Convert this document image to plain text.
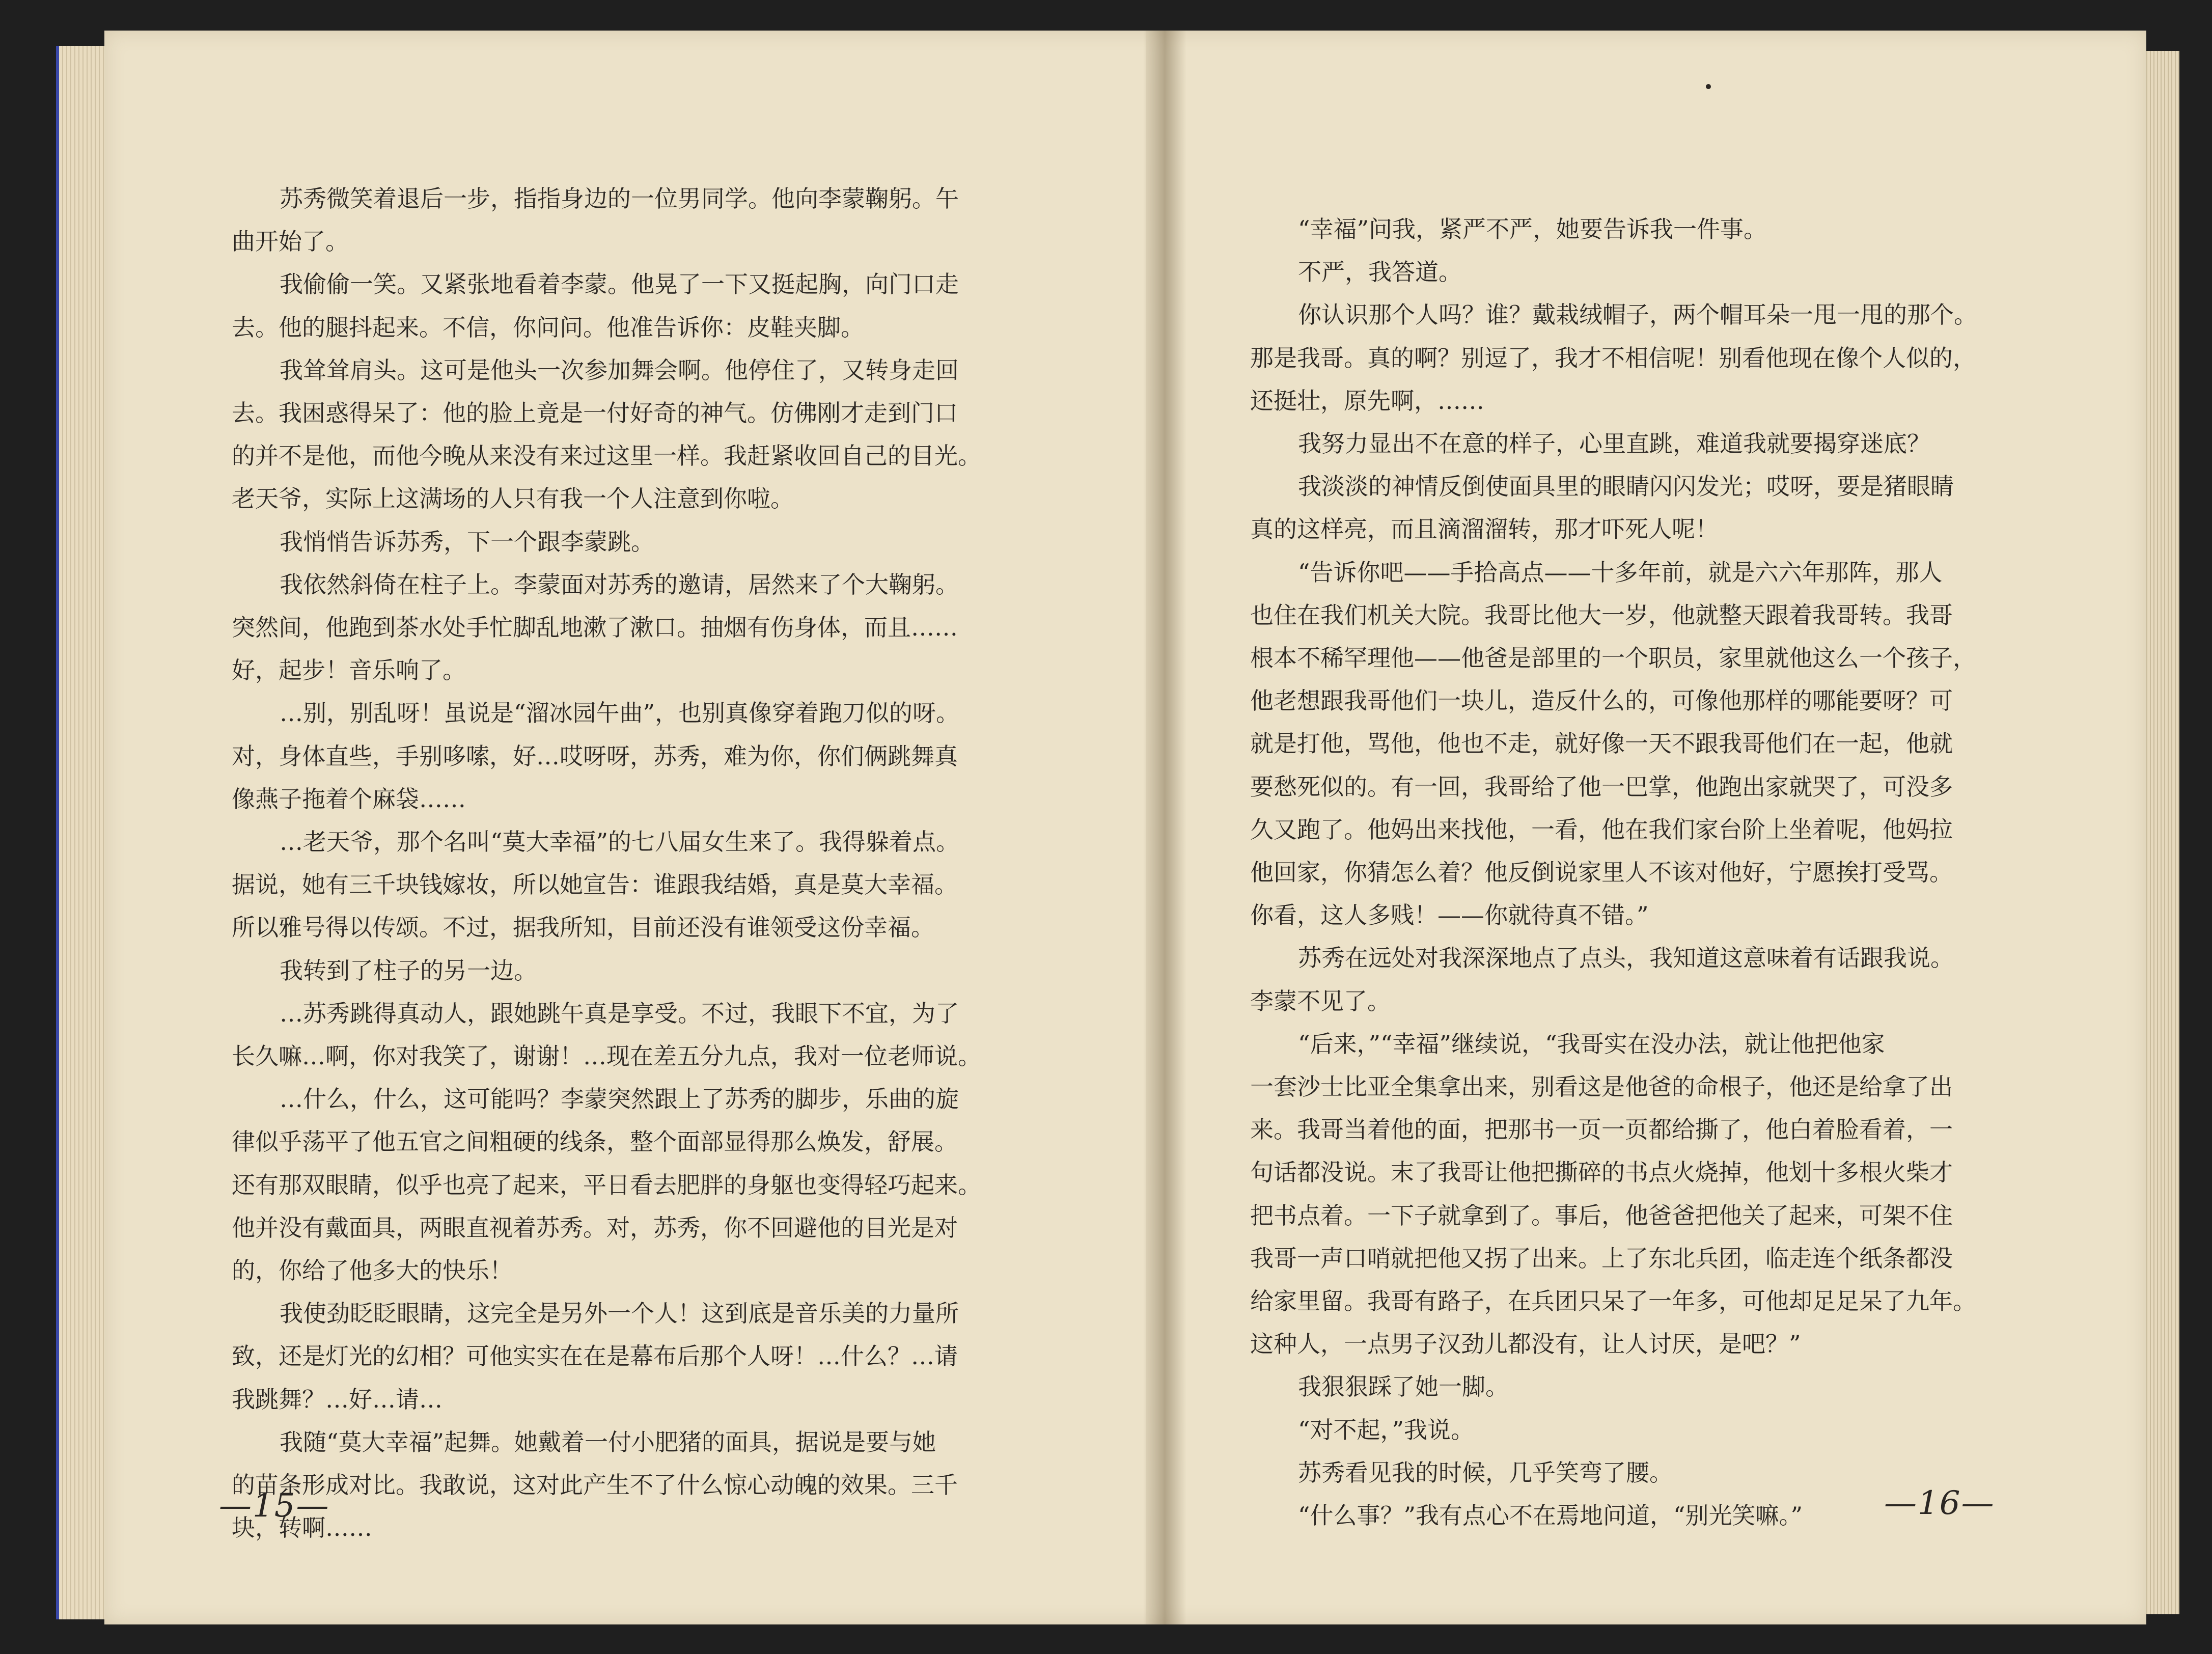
苏秀微笑着退后一步，指指身边的一位男同学。他向李蒙鞠躬。午

曲开始了。

我偷偷一笑。又紧张地看着李蒙。他晃了一下又挺起胸，向门口走

去。他的腿抖起来。不信，你问问。他准告诉你：皮鞋夹脚。

我耸耸肩头。这可是他头一次参加舞会啊。他停住了，又转身走回

去。我困惑得呆了：他的脸上竟是一付好奇的神气。仿佛刚才走到门口

的并不是他，而他今晚从来没有来过这里一样。我赶紧收回自己的目光。

老天爷，实际上这满场的人只有我一个人注意到你啦。

我悄悄告诉苏秀，下一个跟李蒙跳。

我依然斜倚在柱子上。李蒙面对苏秀的邀请，居然来了个大鞠躬。

突然间，他跑到茶水处手忙脚乱地漱了漱口。抽烟有伤身体，而且……

好，起步！音乐响了。

…别，别乱呀！虽说是“溜冰园午曲”，也别真像穿着跑刀似的呀。

对，身体直些，手别哆嗦，好…哎呀呀，苏秀，难为你，你们俩跳舞真

像燕子拖着个麻袋……

…老天爷，那个名叫“莫大幸福”的七八届女生来了。我得躲着点。

据说，她有三千块钱嫁妆，所以她宣告：谁跟我结婚，真是莫大幸福。

所以雅号得以传颂。不过，据我所知，目前还没有谁领受这份幸福。

我转到了柱子的另一边。

…苏秀跳得真动人，跟她跳午真是享受。不过，我眼下不宜，为了

长久嘛…啊，你对我笑了，谢谢！…现在差五分九点，我对一位老师说。

…什么，什么，这可能吗？李蒙突然跟上了苏秀的脚步，乐曲的旋

律似乎荡平了他五官之间粗硬的线条，整个面部显得那么焕发，舒展。

还有那双眼睛，似乎也亮了起来，平日看去肥胖的身躯也变得轻巧起来。

他并没有戴面具，两眼直视着苏秀。对，苏秀，你不回避他的目光是对

的，你给了他多大的快乐！

我使劲眨眨眼睛，这完全是另外一个人！这到底是音乐美的力量所

致，还是灯光的幻相？可他实实在在是幕布后那个人呀！…什么？…请

我跳舞？…好…请…

我随“莫大幸福”起舞。她戴着一付小肥猪的面具，据说是要与她

的苗条形成对比。我敢说，这对此产生不了什么惊心动魄的效果。三千

块，转啊……

“幸福”问我，紧严不严，她要告诉我一件事。

不严，我答道。

你认识那个人吗？谁？戴栽绒帽子，两个帽耳朵一甩一甩的那个。

那是我哥。真的啊？别逗了，我才不相信呢！别看他现在像个人似的，

还挺壮，原先啊，……

我努力显出不在意的样子，心里直跳，难道我就要揭穿迷底？

我淡淡的神情反倒使面具里的眼睛闪闪发光；哎呀，要是猪眼睛

真的这样亮，而且滴溜溜转，那才吓死人呢！

“告诉你吧——手拾高点——十多年前，就是六六年那阵，那人

也住在我们机关大院。我哥比他大一岁，他就整天跟着我哥转。我哥

根本不稀罕理他——他爸是部里的一个职员，家里就他这么一个孩子，

他老想跟我哥他们一块儿，造反什么的，可像他那样的哪能要呀？可

就是打他，骂他，他也不走，就好像一天不跟我哥他们在一起，他就

要愁死似的。有一回，我哥给了他一巴掌，他跑出家就哭了，可没多

久又跑了。他妈出来找他，一看，他在我们家台阶上坐着呢，他妈拉

他回家，你猜怎么着？他反倒说家里人不该对他好，宁愿挨打受骂。

你看，这人多贱！——你就待真不错。”

苏秀在远处对我深深地点了点头，我知道这意味着有话跟我说。

李蒙不见了。

“后来，”“幸福”继续说，“我哥实在没办法，就让他把他家

一套沙士比亚全集拿出来，别看这是他爸的命根子，他还是给拿了出

来。我哥当着他的面，把那书一页一页都给撕了，他白着脸看着，一

句话都没说。末了我哥让他把撕碎的书点火烧掉，他划十多根火柴才

把书点着。一下子就拿到了。事后，他爸爸把他关了起来，可架不住

我哥一声口哨就把他又拐了出来。上了东北兵团，临走连个纸条都没

给家里留。我哥有路子，在兵团只呆了一年多，可他却足足呆了九年。

这种人，一点男子汉劲儿都没有，让人讨厌，是吧？”

我狠狠踩了她一脚。

“对不起，”我说。

苏秀看见我的时候，几乎笑弯了腰。

“什么事？”我有点心不在焉地问道，“别光笑嘛。”

—15—	—16—
